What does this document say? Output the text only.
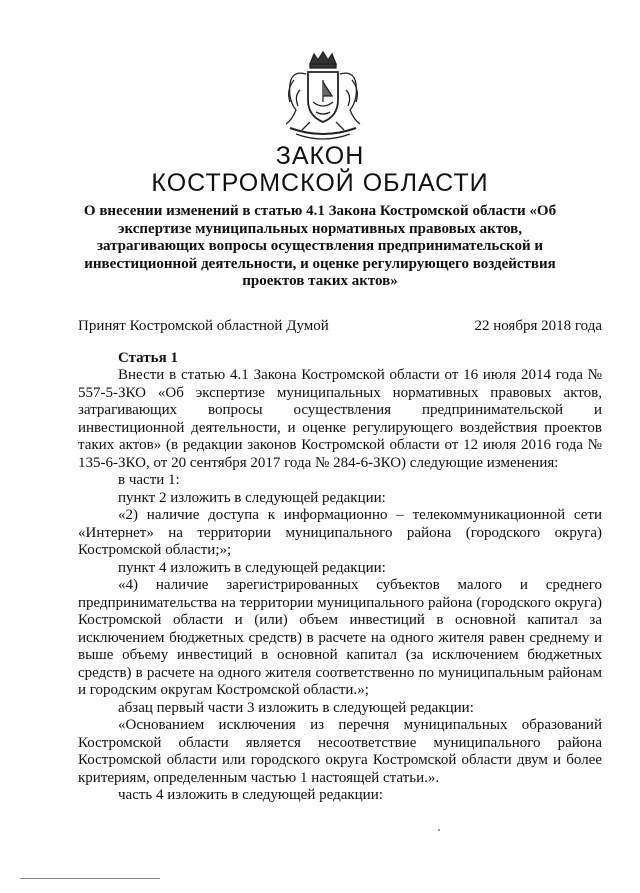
ЗАКОН
КОСТРОМСКОЙ ОБЛАСТИ
О внесении изменений в статью 4.1 Закона Костромской области «Об экспертизе муниципальных нормативных правовых актов, затрагивающих вопросы осуществления предпринимательской и инвестиционной деятельности, и оценке регулирующего воздействия проектов таких актов»
Принят Костромской областной Думой	22 ноября 2018 года
Статья 1

Внести в статью 4.1 Закона Костромской области от 16 июля 2014 года № 557-5-ЗКО «Об экспертизе муниципальных нормативных правовых актов, затрагивающих вопросы осуществления предпринимательской и инвестиционной деятельности, и оценке регулирующего воздействия проектов таких актов» (в редакции законов Костромской области от 12 июля 2016 года № 135-6-ЗКО, от 20 сентября 2017 года № 284-6-ЗКО) следующие изменения:

в части 1:

пункт 2 изложить в следующей редакции:

«2) наличие доступа к информационно – телекоммуникационной сети «Интернет» на территории муниципального района (городского округа) Костромской области;»;

пункт 4 изложить в следующей редакции:

«4) наличие зарегистрированных субъектов малого и среднего предпринимательства на территории муниципального района (городского округа) Костромской области и (или) объем инвестиций в основной капитал за исключением бюджетных средств) в расчете на одного жителя равен среднему и выше объему инвестиций в основной капитал (за исключением бюджетных средств) в расчете на одного жителя соответственно по муниципальным районам и городским округам Костромской области.»;

абзац первый части 3 изложить в следующей редакции:

«Основанием исключения из перечня муниципальных образований Костромской области является несоответствие муниципального района Костромской области или городского округа Костромской области двум и более критериям, определенным частью 1 настоящей статьи.».

часть 4 изложить в следующей редакции:
